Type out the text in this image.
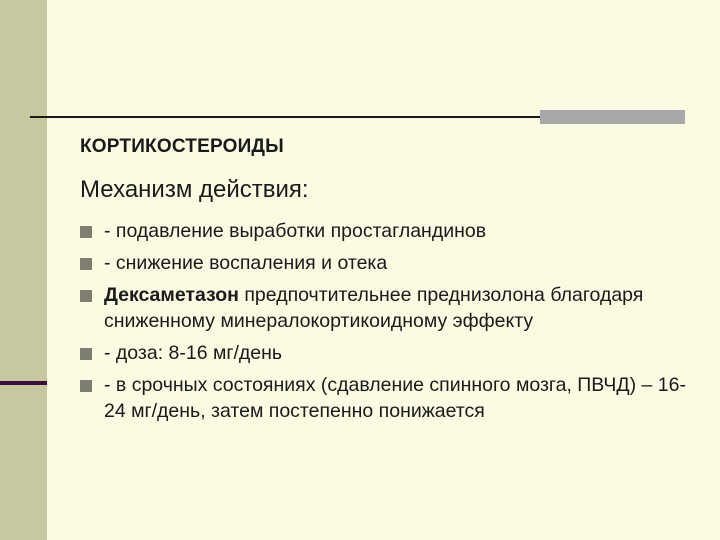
КОРТИКОСТЕРОИДЫ
Механизм действия:
- подавление выработки простагландинов
- снижение воспаления и отека
Дексаметазон предпочтительнее преднизолона благодаря сниженному минералокортикоидному эффекту
- доза: 8-16 мг/день
- в срочных состояниях (сдавление спинного мозга, ПВЧД) – 16-24 мг/день, затем постепенно понижается
